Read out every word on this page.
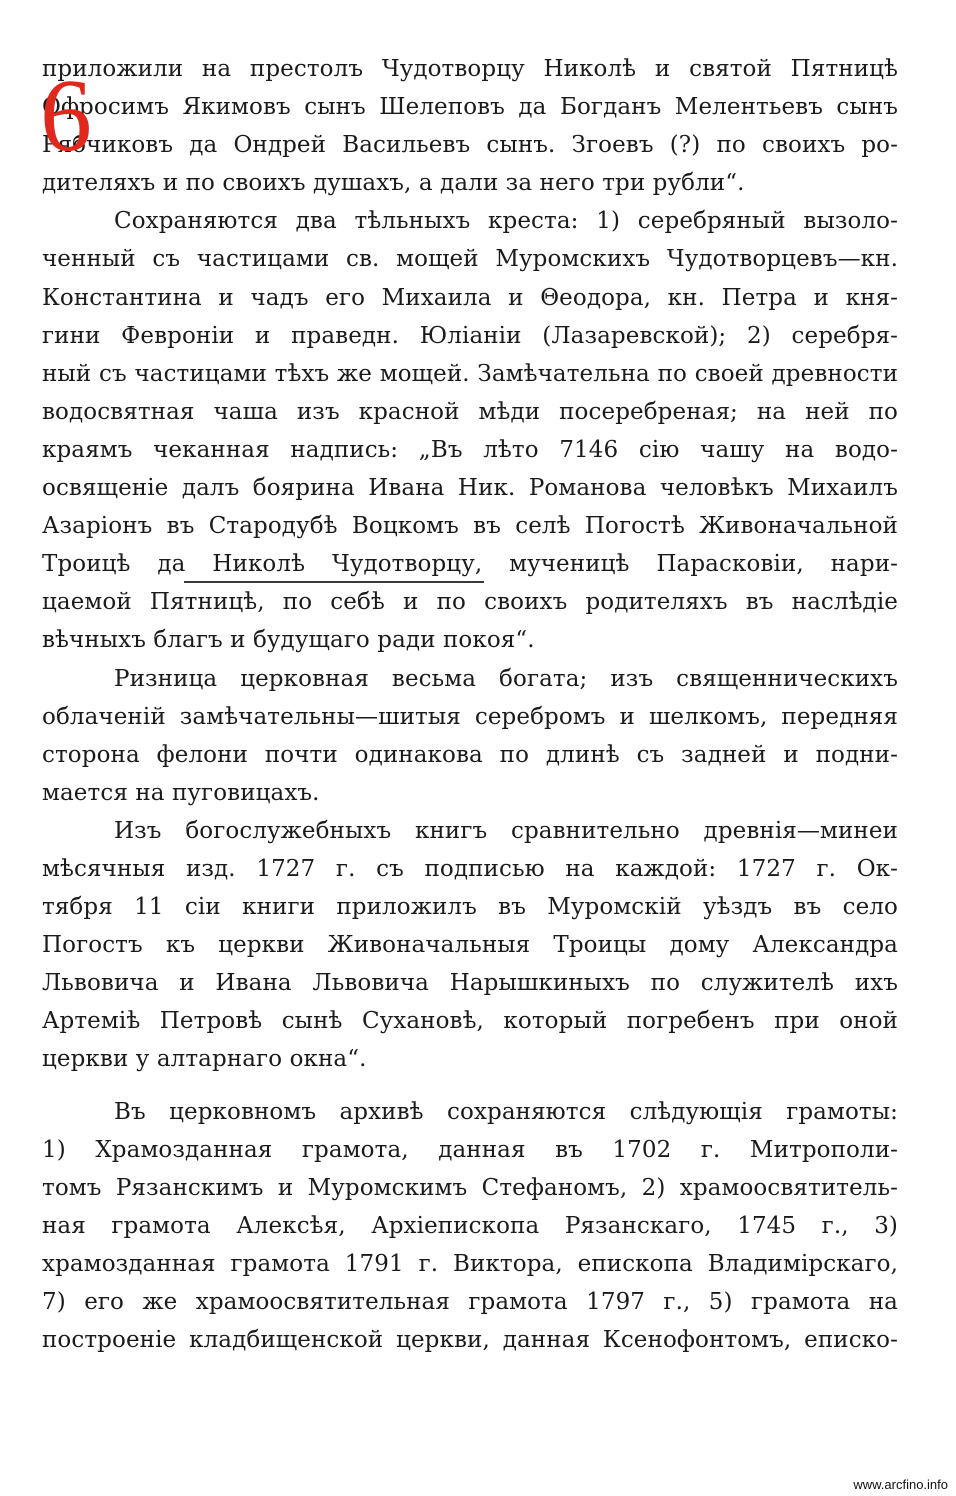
6
приложили на престолъ Чудотворцу Николѣ и святой Пятницѣ
Офросимъ Якимовъ сынъ Шелеповъ да Богданъ Мелентьевъ сынъ
Рябчиковъ да Ондрей Васильевъ сынъ. Згоевъ (?) по своихъ ро-
дителяхъ и по своихъ душахъ, а дали за него три рубли“.
Сохраняются два тѣльныхъ креста: 1) серебряный вызоло-
ченный съ частицами св. мощей Муромскихъ Чудотворцевъ—кн.
Константина и чадъ его Михаила и Θеодора, кн. Петра и кня-
гини Февроніи и праведн. Юліаніи (Лазаревской); 2) серебря-
ный съ частицами тѣхъ же мощей. Замѣчательна по своей древности
водосвятная чаша изъ красной мѣди посеребреная; на ней по
краямъ чеканная надпись: „Въ лѣто 7146 сію чашу на водо-
освященіе далъ боярина Ивана Ник. Романова человѣкъ Михаилъ
Азаріонъ въ Стародубѣ Воцкомъ въ селѣ Погостѣ Живоначальной
Троицѣ да Николѣ Чудотворцу, мученицѣ Парасковіи, нари-
цаемой Пятницѣ, по себѣ и по своихъ родителяхъ въ наслѣдіе
вѣчныхъ благъ и будущаго ради покоя“.
Ризница церковная весьма богата; изъ священническихъ
облаченій замѣчательны—шитыя серебромъ и шелкомъ, передняя
сторона фелони почти одинакова по длинѣ съ задней и подни-
мается на пуговицахъ.
Изъ богослужебныхъ книгъ сравнительно древнія—минеи
мѣсячныя изд. 1727 г. съ подписью на каждой: 1727 г. Ок-
тября 11 сіи книги приложилъ въ Муромскій уѣздъ въ село
Погостъ къ церкви Живоначальныя Троицы дому Александра
Львовича и Ивана Львовича Нарышкиныхъ по служителѣ ихъ
Артеміѣ Петровѣ сынѣ Сухановѣ, который погребенъ при оной
церкви у алтарнаго окна“.
Въ церковномъ архивѣ сохраняются слѣдующія грамоты:
1) Храмозданная грамота, данная въ 1702 г. Митрополи-
томъ Рязанскимъ и Муромскимъ Стефаномъ, 2) храмоосвятитель-
ная грамота Алексѣя, Архіепископа Рязанскаго, 1745 г., 3)
храмозданная грамота 1791 г. Виктора, епископа Владимірскаго,
7) его же храмоосвятительная грамота 1797 г., 5) грамота на
построеніе кладбищенской церкви, данная Ксенофонтомъ, еписко-
www.arcfino.info
